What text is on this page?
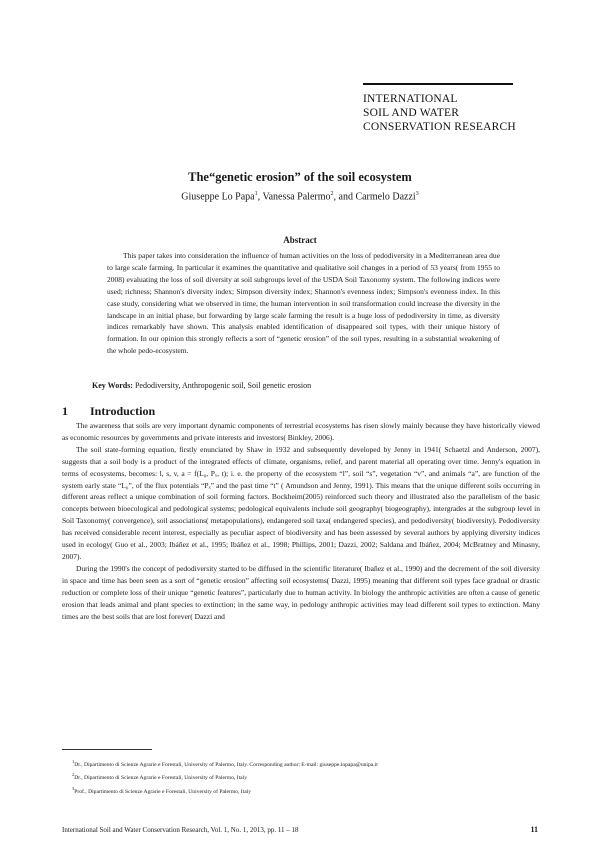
INTERNATIONAL
SOIL AND WATER
CONSERVATION RESEARCH
The“genetic erosion” of the soil ecosystem
Giuseppe Lo Papa$^1$, Vanessa Palermo$^2$, and Carmelo Dazzi$^3$
Abstract

This paper takes into consideration the influence of human activities on the loss of pedodiversity in a Mediterranean area due to large scale farming. In particular it examines the quantitative and qualitative soil changes in a period of 53 years( from 1955 to 2008) evaluating the loss of soil diversity at soil subgroups level of the USDA Soil Taxonomy system. The following indices were used; richness; Shannon's diversity index; Simpson diversity index; Shannon's evenness index; Simpson's evenness index. In this case study, considering what we observed in time, the human intervention in soil transformation could increase the diversity in the landscape in an initial phase, but forwarding by large scale farming the result is a huge loss of pedodiversity in time, as diversity indices remarkably have shown. This analysis enabled identification of disappeared soil types, with their unique history of formation. In our opinion this strongly reflects a sort of “genetic erosion” of the soil types, resulting in a substantial weakening of the whole pedo-ecosystem.

Key Words: Pedodiversity, Anthropogenic soil, Soil genetic erosion
1 Introduction

The awareness that soils are very important dynamic components of terrestrial ecosystems has risen slowly mainly because they have historically viewed as economic resources by governments and private interests and investors( Binkley, 2006).

The soil state-forming equation, firstly enunciated by Shaw in 1932 and subsequently developed by Jenny in 1941( Schaetzl and Anderson, 2007), suggests that a soil body is a product of the integrated effects of climate, organisms, relief, and parent material all operating over time. Jenny's equation in terms of ecosystems, becomes: l, s, v, a = f(L₀, Pₓ, t); i. e. the property of the ecosystem “l”, soil “s”, vegetation “v”, and animals “a”, are function of the system early state “L₀”, of the flux potentials “Pₓ” and the past time “t” ( Amundson and Jenny, 1991). This means that the unique different soils occurring in different areas reflect a unique combination of soil forming factors. Bockheim(2005) reinforced such theory and illustrated also the parallelism of the basic concepts between bioecological and pedological systems; pedological equivalents include soil geography( biogeography), intergrades at the subgroup level in Soil Taxonomy( convergence), soil associations( metapopulations), endangered soil taxa( endangered species), and pedodiversity( biodiversity). Pedodiversity has received considerable recent interest, especially as peculiar aspect of biodiversity and has been assessed by several authors by applying diversity indices used in ecology( Guo et al., 2003; Ibáñez et al., 1995; Ibáñez et al., 1998; Phillips, 2001; Dazzi, 2002; Saldana and Ibáñez, 2004; McBratney and Minasny, 2007).

During the 1990's the concept of pedodiversity started to be diffused in the scientific literature( Ibañez et al., 1990) and the decrement of the soil diversity in space and time has been seen as a sort of “genetic erosion” affecting soil ecosystems( Dazzi, 1995) meaning that different soil types face gradual or drastic reduction or complete loss of their unique “genetic features”, particularly due to human activity. In biology the anthropic activities are often a cause of genetic erosion that leads animal and plant species to extinction; in the same way, in pedology anthropic activities may lead different soil types to extinction. Many times are the best soils that are lost forever( Dazzi and

$^1$Dr., Dipartimento di Scienze Agrarie e Forestali, University of Palermo, Italy. Corresponding author; E-mail: giuseppe.lopapa@unipa.it
$^2$Dr., Dipartimento di Scienze Agrarie e Forestali, University of Palermo, Italy
$^3$Prof., Dipartimento di Scienze Agrarie e Forestali, University of Palermo, Italy
International Soil and Water Conservation Research, Vol. 1, No. 1, 2013, pp. 11 – 18	11
